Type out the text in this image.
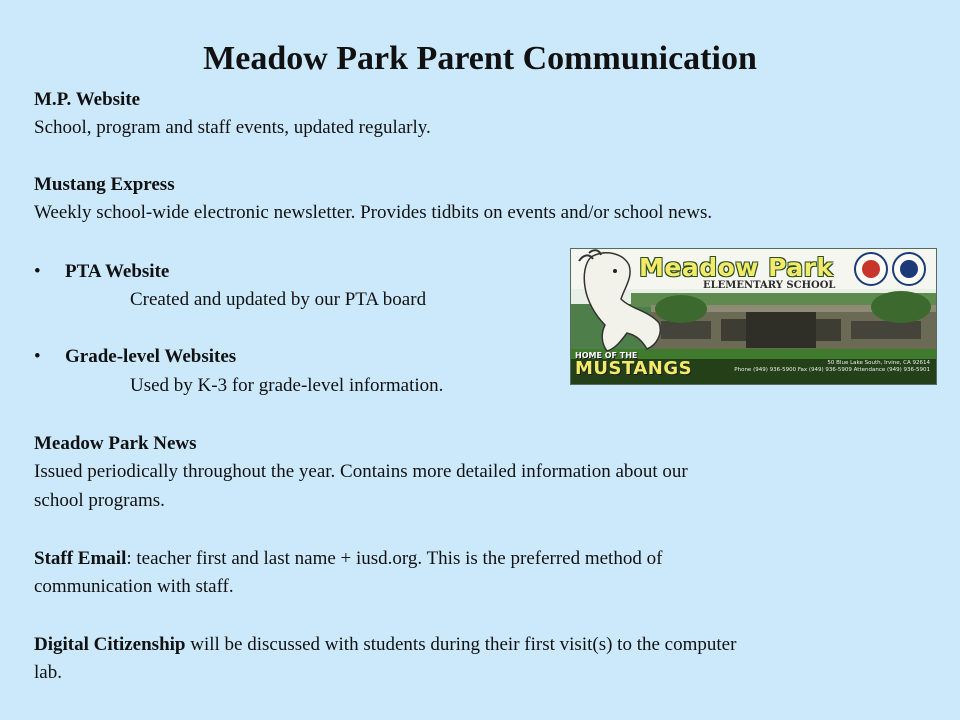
Meadow Park Parent Communication

M.P. Website

School, program and staff events, updated regularly.

Mustang Express

Weekly school-wide electronic newsletter. Provides tidbits on events and/or school news.

• PTA Website
Created and updated by our PTA board
• Grade-level Websites
Used by K-3 for grade-level information.

Meadow Park News

Issued periodically throughout the year. Contains more detailed information about our

school programs.

Staff Email: teacher first and last name + iusd.org. This is the preferred method of

communication with staff.

Digital Citizenship will be discussed with students during their first visit(s) to the computer

lab.

Meadow Park
ELEMENTARY SCHOOL
HOME OF THE
MUSTANGS	50 Blue Lake South, Irvine, CA 92614
Phone (949) 936-5900 Fax (949) 936-5909 Attendance (949) 936-5901
